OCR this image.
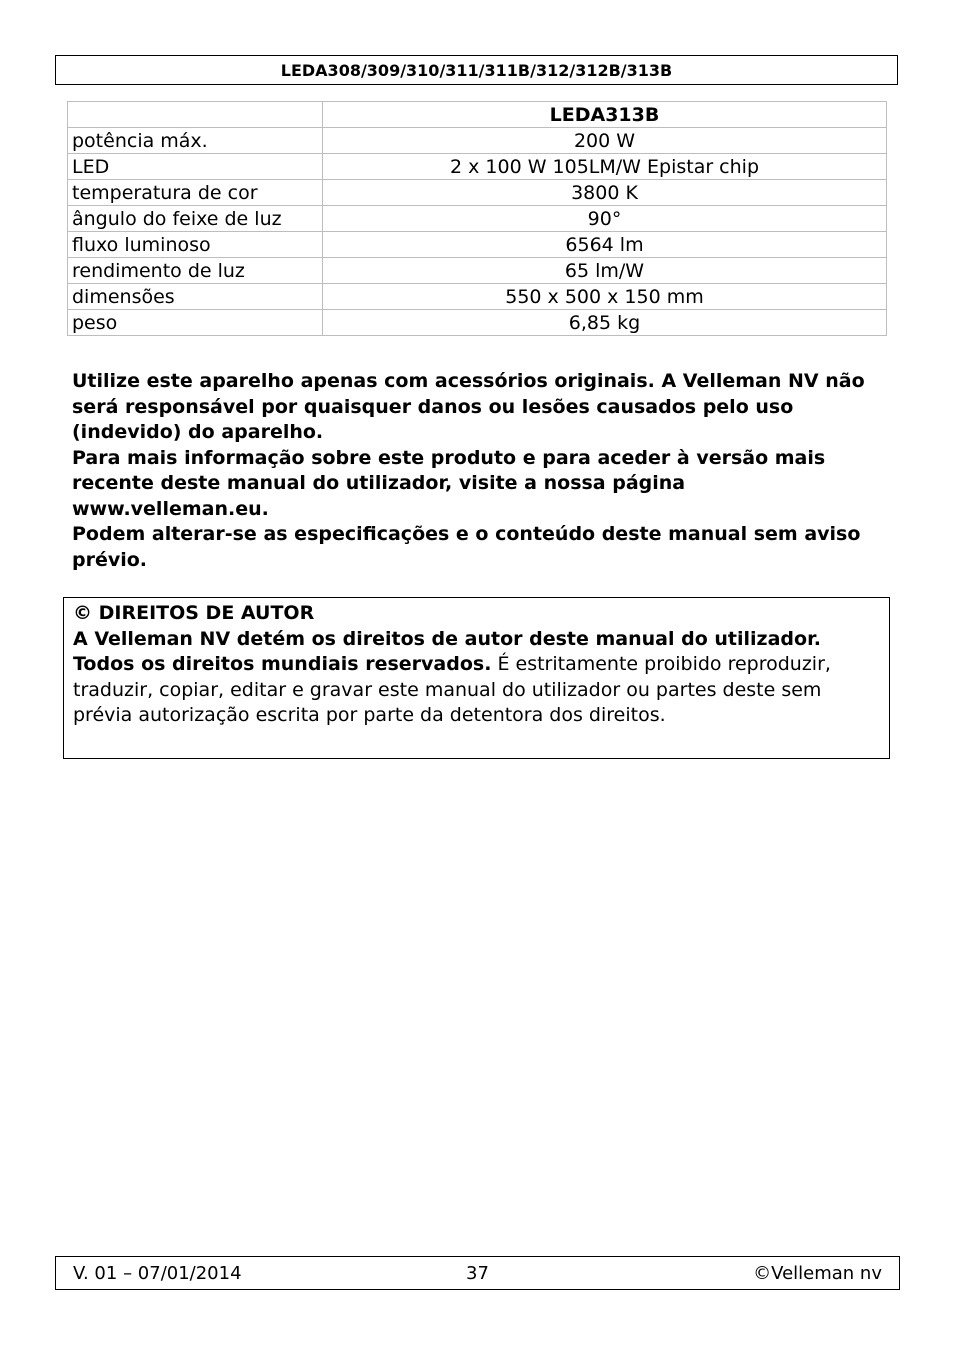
LEDA308/309/310/311/311B/312/312B/313B
	LEDA313B
potência máx.	200 W
LED	2 x 100 W 105LM/W Epistar chip
temperatura de cor	3800 K
ângulo do feixe de luz	90°
fluxo luminoso	6564 lm
rendimento de luz	65 lm/W
dimensões	550 x 500 x 150 mm
peso	6,85 kg

Utilize este aparelho apenas com acessórios originais. A Velleman NV não será responsável por quaisquer danos ou lesões causados pelo uso (indevido) do aparelho.

Para mais informação sobre este produto e para aceder à versão mais recente deste manual do utilizador, visite a nossa página www.velleman.eu.

Podem alterar-se as especificações e o conteúdo deste manual sem aviso prévio.

© DIREITOS DE AUTOR
A Velleman NV detém os direitos de autor deste manual do utilizador. Todos os direitos mundiais reservados. É estritamente proibido reproduzir, traduzir, copiar, editar e gravar este manual do utilizador ou partes deste sem prévia autorização escrita por parte da detentora dos direitos.
V. 01 – 07/01/2014	37	©Velleman nv
